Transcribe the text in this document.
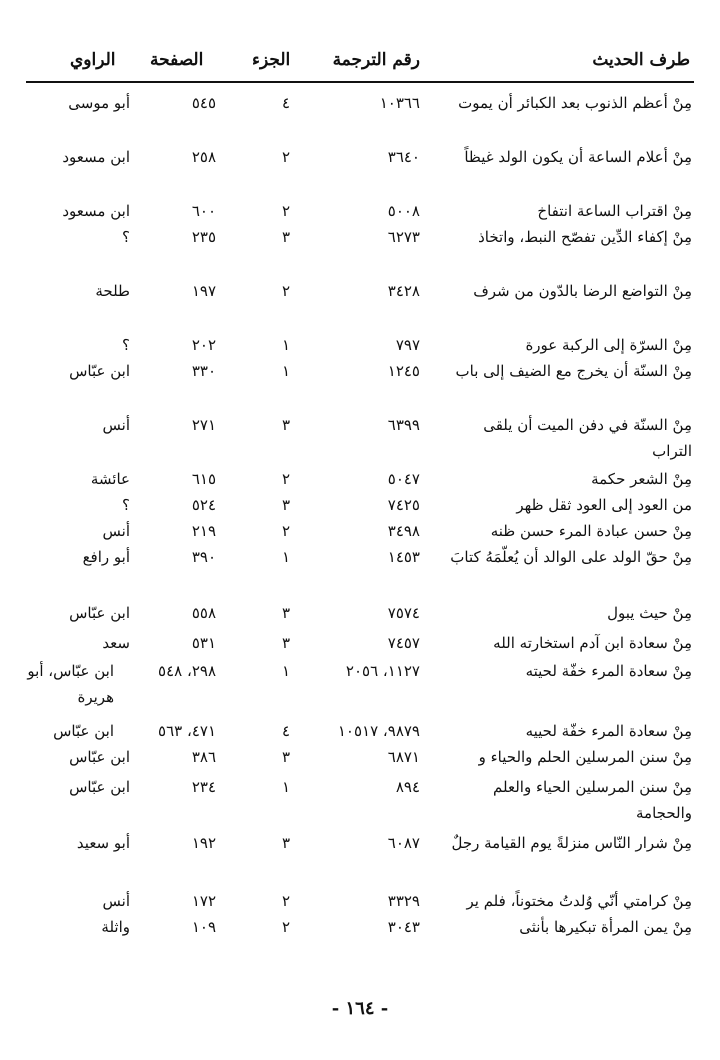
طرف الحديث
رقم الترجمة
الجزء
الصفحة
الراوي
مِنْ أعظم الذنوب بعد الكبائر أن يموت
١٠٣٦٦
٤
٥٤٥
أبو موسى
مِنْ أعلام الساعة أن يكون الولد غيظاً
٣٦٤٠
٢
٢٥٨
ابن مسعود
مِنْ اقتراب الساعة انتفاخ
٥٠٠٨
٢
٦٠٠
ابن مسعود
مِنْ إكفاء الدِّين تفصّح النبط، واتخاذ
٦٢٧٣
٣
٢٣٥
؟
مِنْ التواضع الرضا بالدّون من شرف
٣٤٢٨
٢
١٩٧
طلحة
مِنْ السرّة إلى الركبة عورة
٧٩٧
١
٢٠٢
؟
مِنْ السنّة أن يخرج مع الضيف إلى باب
١٢٤٥
١
٣٣٠
ابن عبّاس
مِنْ السنّة في دفن الميت أن يلقى التراب
٦٣٩٩
٣
٢٧١
أنس
مِنْ الشعر حكمة
٥٠٤٧
٢
٦١٥
عائشة
من العود إلى العود ثقل ظهر
٧٤٢٥
٣
٥٢٤
؟
مِنْ حسن عبادة المرء حسن ظنه
٣٤٩٨
٢
٢١٩
أنس
مِنْ حقّ الولد على الوالد أن يُعلّمَهُ كتابَ
١٤٥٣
١
٣٩٠
أبو رافع
مِنْ حيث يبول
٧٥٧٤
٣
٥٥٨
ابن عبّاس
مِنْ سعادة ابن آدم استخارته الله
٧٤٥٧
٣
٥٣١
سعد
مِنْ سعادة المرء خفّة لحيته
١١٢٧، ٢٠٥٦
١
٢٩٨، ٥٤٨
ابن عبّاس، أبو هريرة
مِنْ سعادة المرء خفّة لحييه
٩٨٧٩، ١٠٥١٧
٤
٤٧١، ٥٦٣
ابن عبّاس
مِنْ سنن المرسلين الحلم والحياء و
٦٨٧١
٣
٣٨٦
ابن عبّاس
مِنْ سنن المرسلين الحياء والعلم والحجامة
٨٩٤
١
٢٣٤
ابن عبّاس
مِنْ شرار النّاس منزلةً يوم القيامة رجلٌ
٦٠٨٧
٣
١٩٢
أبو سعيد
مِنْ كرامتي أنّي وُلدتُ مختوناً، فلم ير
٣٣٢٩
٢
١٧٢
أنس
مِنْ يمن المرأة تبكيرها بأنثى
٣٠٤٣
٢
١٠٩
واثلة
- ١٦٤ -
